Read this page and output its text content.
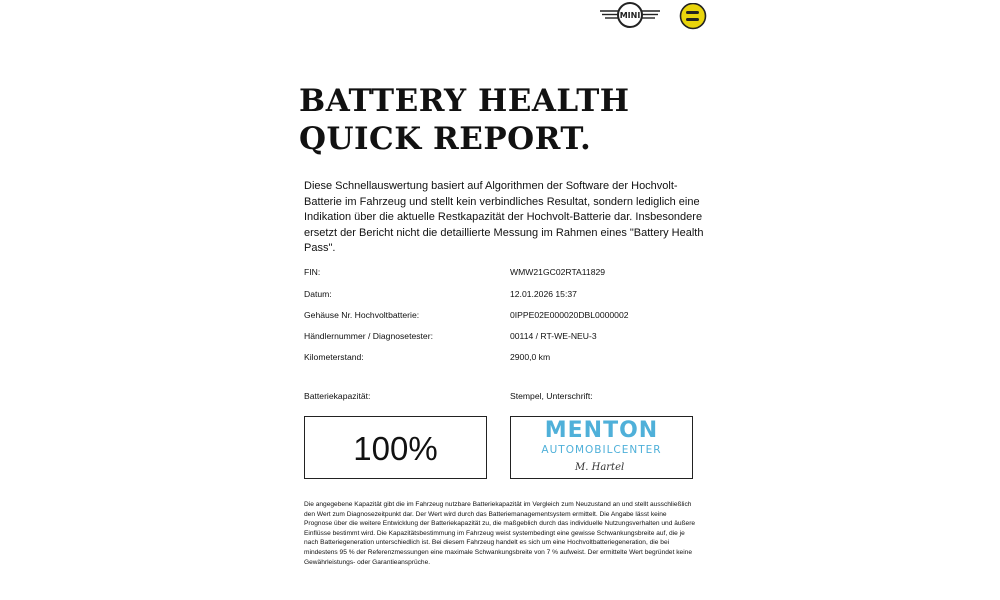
MINI
BATTERY HEALTH
QUICK REPORT.

Diese Schnellauswertung basiert auf Algorithmen der Software der Hochvolt-Batterie im Fahrzeug und stellt kein verbindliches Resultat, sondern lediglich eine Indikation über die aktuelle Restkapazität der Hochvolt-Batterie dar. Insbesondere ersetzt der Bericht nicht die detaillierte Messung im Rahmen eines "Battery Health Pass".

FIN:	WMW21GC02RTA11829
Datum:	12.01.2026 15:37
Gehäuse Nr. Hochvoltbatterie:	0IPPE02E000020DBL0000002
Händlernummer / Diagnosetester:	00114 / RT-WE-NEU-3
Kilometerstand:	2900,0 km
Batteriekapazität:	Stempel, Unterschrift:
100%	MENTON
AUTOMOBILCENTER
M. Hartel

Die angegebene Kapazität gibt die im Fahrzeug nutzbare Batteriekapazität im Vergleich zum Neuzustand an und stellt ausschließlich den Wert zum Diagnosezeitpunkt dar. Der Wert wird durch das Batteriemanagementsystem ermittelt. Die Angabe lässt keine Prognose über die weitere Entwicklung der Batteriekapazität zu, die maßgeblich durch das individuelle Nutzungsverhalten und äußere Einflüsse bestimmt wird. Die Kapazitätsbestimmung im Fahrzeug weist systembedingt eine gewisse Schwankungsbreite auf, die je nach Batteriegeneration unterschiedlich ist. Bei diesem Fahrzeug handelt es sich um eine Hochvoltbatteriegeneration, die bei mindestens 95 % der Referenzmessungen eine maximale Schwankungsbreite von 7 % aufweist. Der ermittelte Wert begründet keine Gewährleistungs- oder Garantieansprüche.
